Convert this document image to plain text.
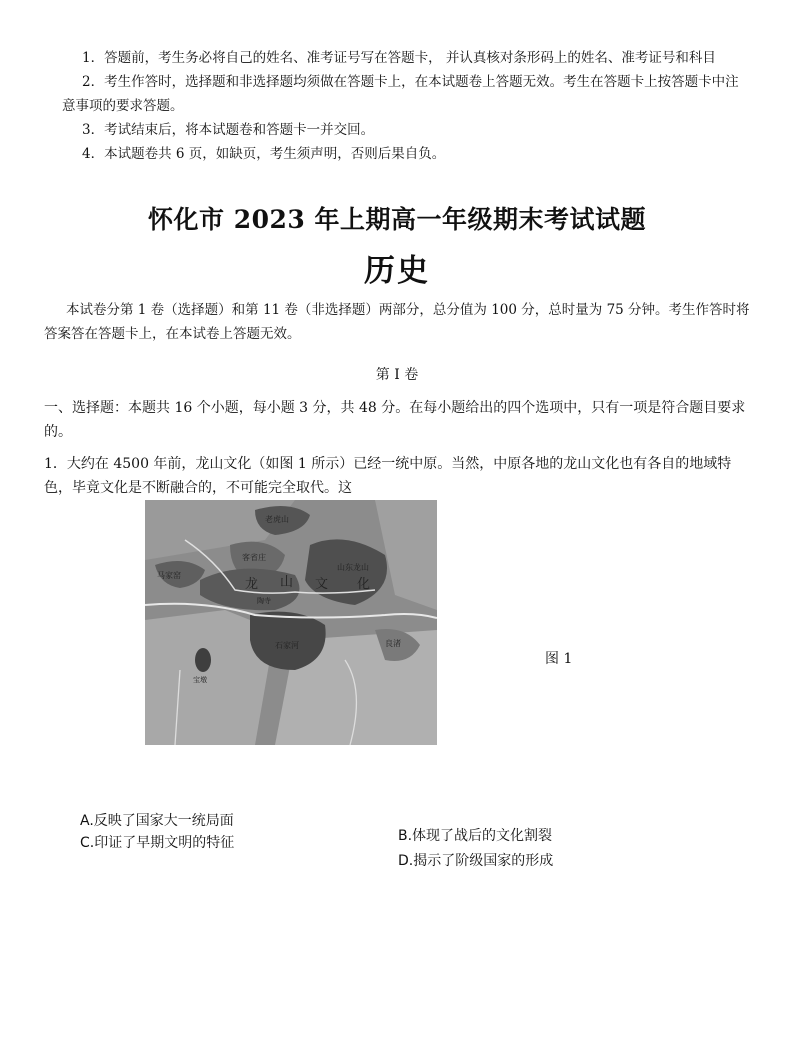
1．答题前，考生务必将自己的姓名、准考证号写在答题卡， 并认真核对条形码上的姓名、准考证号和科目

2．考生作答时，选择题和非选择题均须做在答题卡上，在本试题卷上答题无效。考生在答题卡上按答题卡中注意事项的要求答题。

3．考试结束后，将本试题卷和答题卡一并交回。

4．本试题卷共 6 页，如缺页，考生须声明，否则后果自负。

怀化市 2023 年上期高一年级期末考试试题
历史

本试卷分第 1 卷（选择题）和第 11 卷（非选择题）两部分，总分值为 100 分，总时量为 75 分钟。考生作答时将答案答在答题卡上，在本试卷上答题无效。

第 I 卷

一、选择题：本题共 16 个小题，每小题 3 分，共 48 分。在每小题给出的四个选项中，只有一项是符合题目要求的。

1．大约在 4500 年前，龙山文化（如图 1 所示）已经一统中原。当然，中原各地的龙山文化也有各自的地域特色，毕竟文化是不断融合的，不可能完全取代。这

老虎山
客省庄
陶寺
马家窑
龙 山 文 化
山东龙山
石家河	良渚
宝墩
图 1
A.反映了国家大一统局面
C.印证了早期文明的特征	B.体现了战后的文化割裂
D.揭示了阶级国家的形成
